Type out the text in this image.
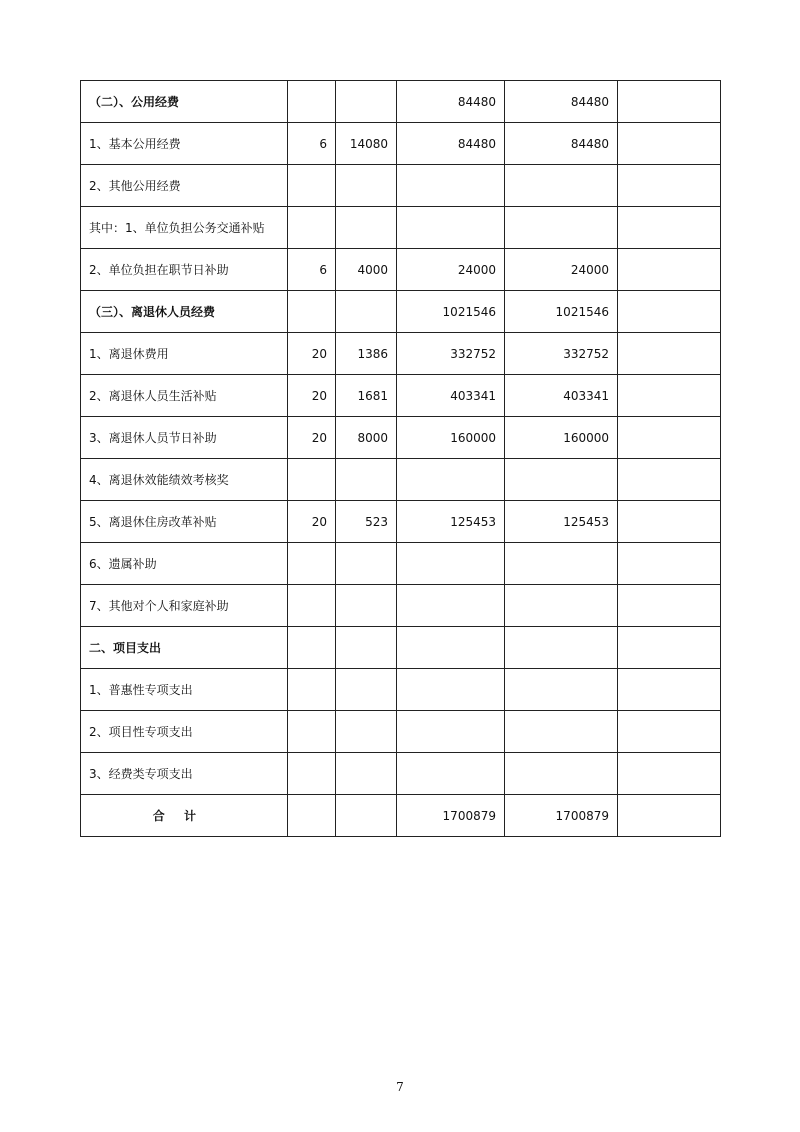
（二）、公用经费			84480	84480	
1、基本公用经费	6	14080	84480	84480	
2、其他公用经费					
其中：1、单位负担公务交通补贴					
2、单位负担在职节日补助	6	4000	24000	24000	
（三）、离退休人员经费			1021546	1021546	
1、离退休费用	20	1386	332752	332752	
2、离退休人员生活补贴	20	1681	403341	403341	
3、离退休人员节日补助	20	8000	160000	160000	
4、离退休效能绩效考核奖					
5、离退休住房改革补贴	20	523	125453	125453	
6、遗属补助					
7、其他对个人和家庭补助					
二、项目支出					
1、普惠性专项支出					
2、项目性专项支出					
3、经费类专项支出					
合计			1700879	1700879	
7
